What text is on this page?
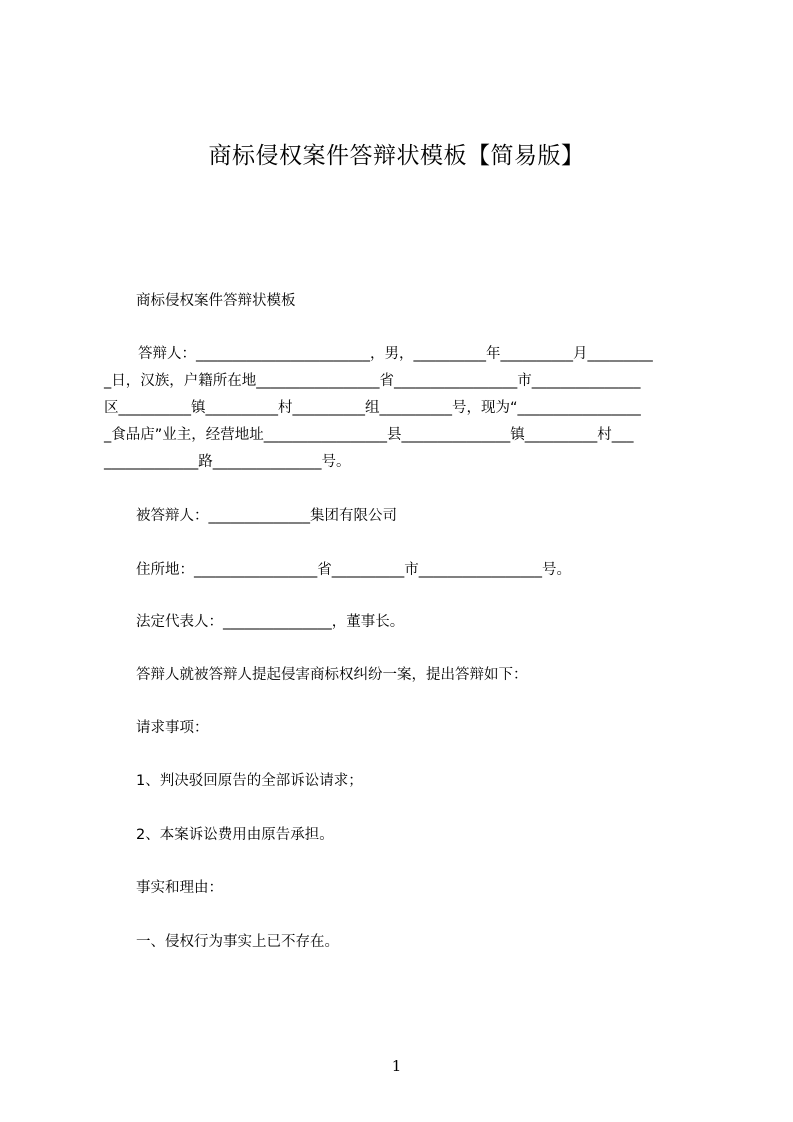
商标侵权案件答辩状模板【简易版】
商标侵权案件答辩状模板
答辩人：________________________，男，__________年__________月_________
_日，汉族，户籍所在地_________________省_________________市_______________
区__________镇__________村__________组__________号，现为“_________________
_食品店”业主，经营地址_________________县_______________镇__________村___
_____________路_______________号。
被答辩人：______________集团有限公司
住所地：_________________省__________市_________________号。
法定代表人：_______________，董事长。
答辩人就被答辩人提起侵害商标权纠纷一案，提出答辩如下：
请求事项：
1、判决驳回原告的全部诉讼请求；
2、本案诉讼费用由原告承担。
事实和理由：
一、侵权行为事实上已不存在。
1
